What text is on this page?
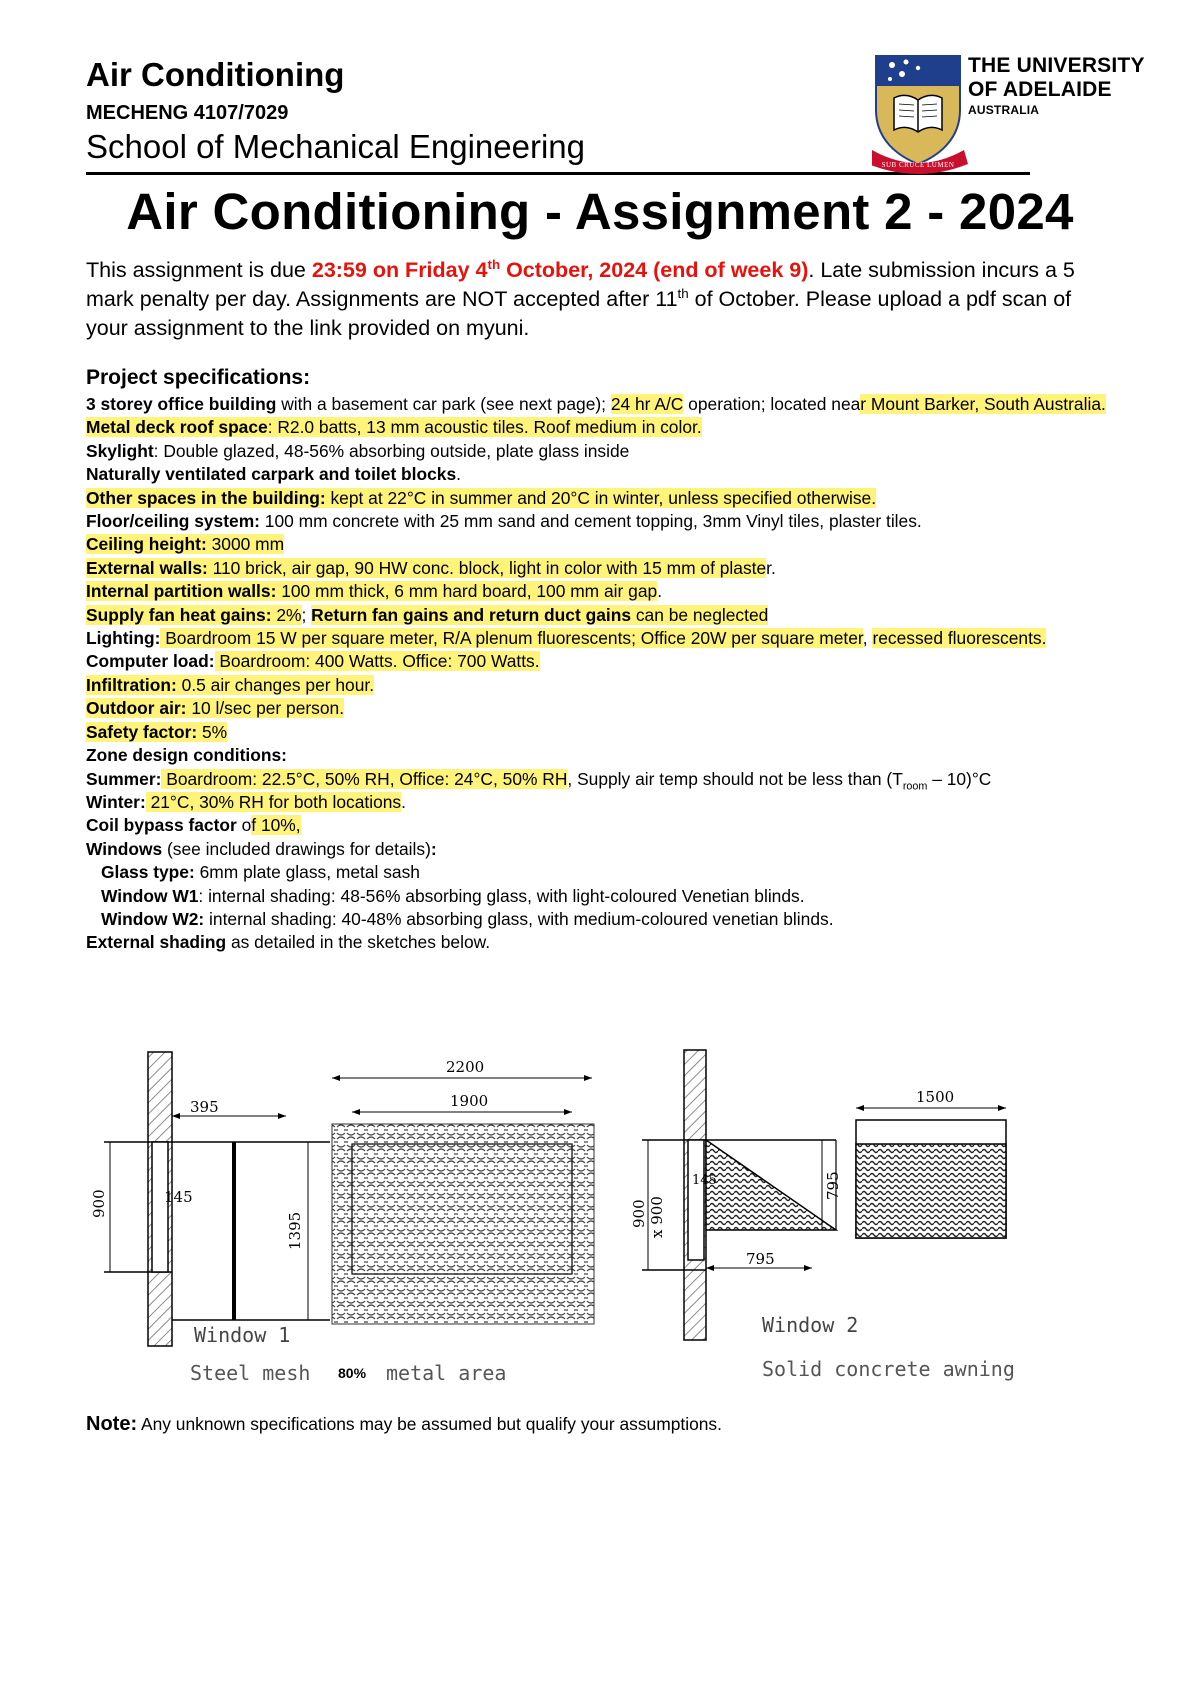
Air Conditioning
MECHENG 4107/7029
School of Mechanical Engineering	SUB CRUCE LUMEN
THE UNIVERSITY
OF ADELAIDE
AUSTRALIA
Air Conditioning - Assignment 2 - 2024
This assignment is due 23:59 on Friday 4th October, 2024 (end of week 9). Late submission incurs a 5 mark penalty per day. Assignments are NOT accepted after 11th of October. Please upload a pdf scan of your assignment to the link provided on myuni.
Project specifications:

3 storey office building with a basement car park (see next page); 24 hr A/C operation; located near Mount Barker, South Australia.

Metal deck roof space: R2.0 batts, 13 mm acoustic tiles. Roof medium in color.

Skylight: Double glazed, 48-56% absorbing outside, plate glass inside

Naturally ventilated carpark and toilet blocks.

Other spaces in the building: kept at 22°C in summer and 20°C in winter, unless specified otherwise.

Floor/ceiling system: 100 mm concrete with 25 mm sand and cement topping, 3mm Vinyl tiles, plaster tiles.

Ceiling height: 3000 mm

External walls: 110 brick, air gap, 90 HW conc. block, light in color with 15 mm of plaster.

Internal partition walls: 100 mm thick, 6 mm hard board, 100 mm air gap.

Supply fan heat gains: 2%; Return fan gains and return duct gains can be neglected

Lighting: Boardroom 15 W per square meter, R/A plenum fluorescents; Office 20W per square meter, recessed fluorescents.

Computer load: Boardroom: 400 Watts. Office: 700 Watts.

Infiltration: 0.5 air changes per hour.

Outdoor air: 10 l/sec per person.

Safety factor: 5%

Zone design conditions:

Summer: Boardroom: 22.5°C, 50% RH, Office: 24°C, 50% RH, Supply air temp should not be less than $(T_{room} - 10)^\circ C$

Winter: 21°C, 30% RH for both locations.

Coil bypass factor of 10%,

Windows (see included drawings for details):

Glass type: 6mm plate glass, metal sash

Window W1: internal shading: 48-56% absorbing glass, with light-coloured Venetian blinds.

Window W2: internal shading: 40-48% absorbing glass, with medium-coloured venetian blinds.

External shading as detailed in the sketches below.

395
145
900
1395
Window 1
2200
1900
Steel mesh 80% metal area
145
900 x 900
795
795
Window 2
1500
Solid concrete awning
Note: Any unknown specifications may be assumed but qualify your assumptions.
